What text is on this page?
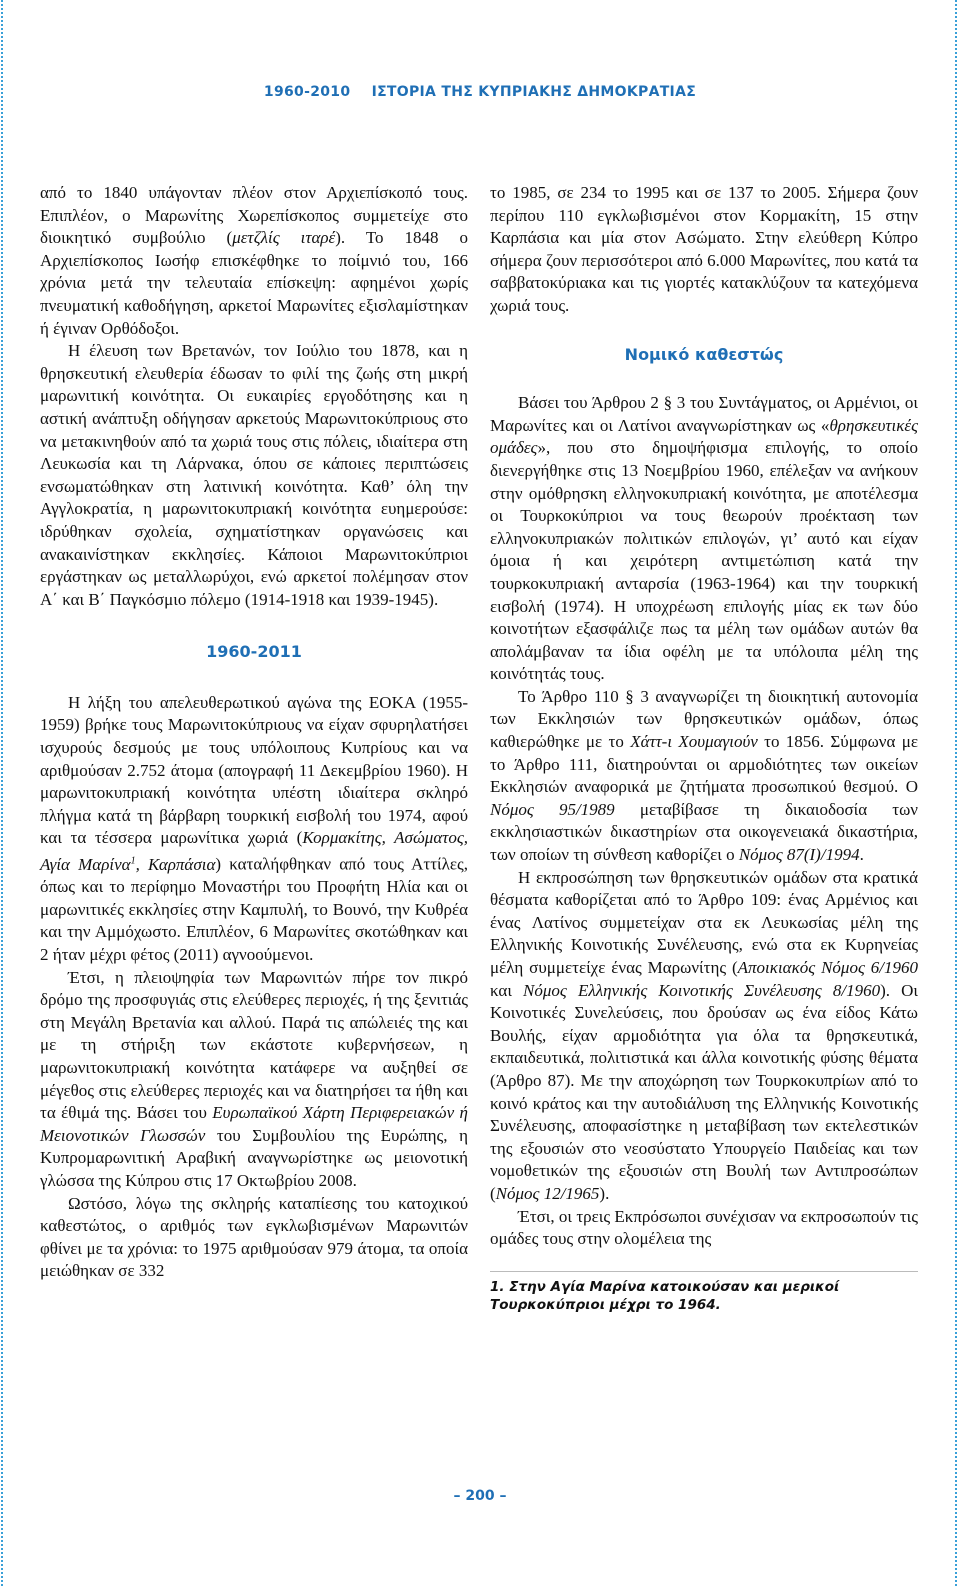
1960-2010 ΙΣΤΟΡΙΑ ΤΗΣ ΚΥΠΡΙΑΚΗΣ ΔΗΜΟΚΡΑΤΙΑΣ

από το 1840 υπάγονταν πλέον στον Αρχιεπίσκοπό τους. Επιπλέον, ο Μαρωνίτης Χωρεπίσκοπος συμμετείχε στο διοικητικό συμβούλιο (μετζλίς ιταρέ). Το 1848 ο Αρχιεπίσκοπος Ιωσήφ επισκέφθηκε το ποίμνιό του, 166 χρόνια μετά την τελευταία επίσκεψη: αφημένοι χωρίς πνευματική καθοδήγηση, αρκετοί Μαρωνίτες εξισλαμίστηκαν ή έγιναν Ορθόδοξοι.

Η έλευση των Βρετανών, τον Ιούλιο του 1878, και η θρησκευτική ελευθερία έδωσαν το φιλί της ζωής στη μικρή μαρωνιτική κοινότητα. Οι ευκαιρίες εργοδότησης και η αστική ανάπτυξη οδήγησαν αρκετούς Μαρωνιτοκύπριους στο να μετακινηθούν από τα χωριά τους στις πόλεις, ιδιαίτερα στη Λευκωσία και τη Λάρνακα, όπου σε κάποιες περιπτώσεις ενσωματώθηκαν στη λατινική κοινότητα. Καθ’ όλη την Αγγλοκρατία, η μαρωνιτοκυπριακή κοινότητα ευημερούσε: ιδρύθηκαν σχολεία, σχηματίστηκαν οργανώσεις και ανακαινίστηκαν εκκλησίες. Κάποιοι Μαρωνιτοκύπριοι εργάστηκαν ως μεταλλωρύχοι, ενώ αρκετοί πολέμησαν στον Α΄ και Β΄ Παγκόσμιο πόλεμο (1914-1918 και 1939-1945).

1960-2011

Η λήξη του απελευθερωτικού αγώνα της ΕΟΚΑ (1955-1959) βρήκε τους Μαρωνιτοκύπριους να είχαν σφυρηλατήσει ισχυρούς δεσμούς με τους υπόλοιπους Κυπρίους και να αριθμούσαν 2.752 άτομα (απογραφή 11 Δεκεμβρίου 1960). Η μαρωνιτοκυπριακή κοινότητα υπέστη ιδιαίτερα σκληρό πλήγμα κατά τη βάρβαρη τουρκική εισβολή του 1974, αφού και τα τέσσερα μαρωνίτικα χωριά (Κορμακίτης, Ασώματος, Αγία Μαρίνα$^1$, Καρπάσια) καταλήφθηκαν από τους Αττίλες, όπως και το περίφημο Μοναστήρι του Προφήτη Ηλία και οι μαρωνιτικές εκκλησίες στην Καμπυλή, το Βουνό, την Κυθρέα και την Αμμόχωστο. Επιπλέον, 6 Μαρωνίτες σκοτώθηκαν και 2 ήταν μέχρι φέτος (2011) αγνοούμενοι.

Έτσι, η πλειοψηφία των Μαρωνιτών πήρε τον πικρό δρόμο της προσφυγιάς στις ελεύθερες περιοχές, ή της ξενιτιάς στη Μεγάλη Βρετανία και αλλού. Παρά τις απώλειές της και με τη στήριξη των εκάστοτε κυβερνήσεων, η μαρωνιτοκυπριακή κοινότητα κατάφερε να αυξηθεί σε μέγεθος στις ελεύθερες περιοχές και να διατηρήσει τα ήθη και τα έθιμά της. Βάσει του Ευρωπαϊκού Χάρτη Περιφερειακών ή Μειονοτικών Γλωσσών του Συμβουλίου της Ευρώπης, η Κυπρομαρωνιτική Αραβική αναγνωρίστηκε ως μειονοτική γλώσσα της Κύπρου στις 17 Οκτωβρίου 2008.

Ωστόσο, λόγω της σκληρής καταπίεσης του κατοχικού καθεστώτος, ο αριθμός των εγκλωβισμένων Μαρωνιτών φθίνει με τα χρόνια: το 1975 αριθμούσαν 979 άτομα, τα οποία μειώθηκαν σε 332

το 1985, σε 234 το 1995 και σε 137 το 2005. Σήμερα ζουν περίπου 110 εγκλωβισμένοι στον Κορμακίτη, 15 στην Καρπάσια και μία στον Ασώματο. Στην ελεύθερη Κύπρο σήμερα ζουν περισσότεροι από 6.000 Μαρωνίτες, που κατά τα σαββατοκύριακα και τις γιορτές κατακλύζουν τα κατεχόμενα χωριά τους.

Νομικό καθεστώς

Βάσει του Άρθρου 2 § 3 του Συντάγματος, οι Αρμένιοι, οι Μαρωνίτες και οι Λατίνοι αναγνωρίστηκαν ως «θρησκευτικές ομάδες», που στο δημοψήφισμα επιλογής, το οποίο διενεργήθηκε στις 13 Νοεμβρίου 1960, επέλεξαν να ανήκουν στην ομόθρησκη ελληνοκυπριακή κοινότητα, με αποτέλεσμα οι Τουρκοκύπριοι να τους θεωρούν προέκταση των ελληνοκυπριακών πολιτικών επιλογών, γι’ αυτό και είχαν όμοια ή και χειρότερη αντιμετώπιση κατά την τουρκοκυπριακή ανταρσία (1963-1964) και την τουρκική εισβολή (1974). Η υποχρέωση επιλογής μίας εκ των δύο κοινοτήτων εξασφάλιζε πως τα μέλη των ομάδων αυτών θα απολάμβαναν τα ίδια οφέλη με τα υπόλοιπα μέλη της κοινότητάς τους.

Το Άρθρο 110 § 3 αναγνωρίζει τη διοικητική αυτονομία των Εκκλησιών των θρησκευτικών ομάδων, όπως καθιερώθηκε με το Χάττ-ι Χουμαγιούν το 1856. Σύμφωνα με το Άρθρο 111, διατηρούνται οι αρμοδιότητες των οικείων Εκκλησιών αναφορικά με ζητήματα προσωπικού θεσμού. Ο Νόμος 95/1989 μεταβίβασε τη δικαιοδοσία των εκκλησιαστικών δικαστηρίων στα οικογενειακά δικαστήρια, των οποίων τη σύνθεση καθορίζει ο Νόμος 87(Ι)/1994.

Η εκπροσώπηση των θρησκευτικών ομάδων στα κρατικά θέσματα καθορίζεται από το Άρθρο 109: ένας Αρμένιος και ένας Λατίνος συμμετείχαν στα εκ Λευκωσίας μέλη της Ελληνικής Κοινοτικής Συνέλευσης, ενώ στα εκ Κυρηνείας μέλη συμμετείχε ένας Μαρωνίτης (Αποικιακός Νόμος 6/1960 και Νόμος Ελληνικής Κοινοτικής Συνέλευσης 8/1960). Οι Κοινοτικές Συνελεύσεις, που δρούσαν ως ένα είδος Κάτω Βουλής, είχαν αρμοδιότητα για όλα τα θρησκευτικά, εκπαιδευτικά, πολιτιστικά και άλλα κοινοτικής φύσης θέματα (Άρθρο 87). Με την αποχώρηση των Τουρκοκυπρίων από το κοινό κράτος και την αυτοδιάλυση της Ελληνικής Κοινοτικής Συνέλευσης, αποφασίστηκε η μεταβίβαση των εκτελεστικών της εξουσιών στο νεοσύστατο Υπουργείο Παιδείας και των νομοθετικών της εξουσιών στη Βουλή των Αντιπροσώπων (Νόμος 12/1965).

Έτσι, οι τρεις Εκπρόσωποι συνέχισαν να εκπροσωπούν τις ομάδες τους στην ολομέλεια της

1. Στην Αγία Μαρίνα κατοικούσαν και μερικοί Τουρκοκύπριοι μέχρι το 1964.
– 200 –
